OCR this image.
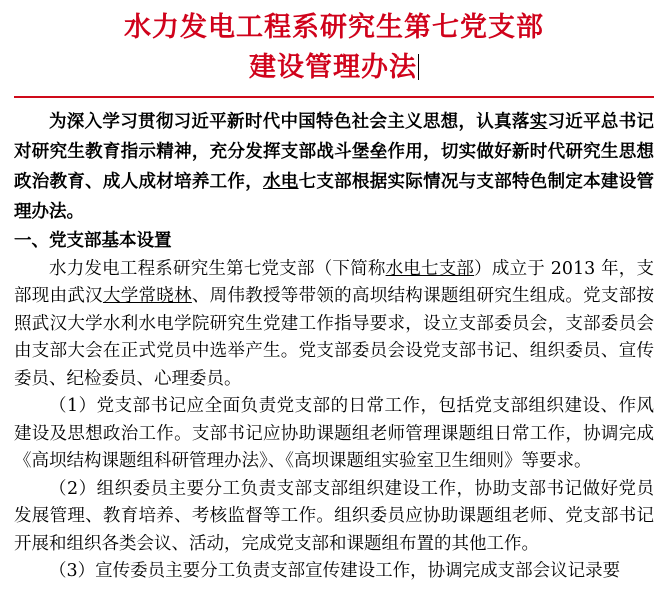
水力发电工程系研究生第七党支部
建设管理办法

为深入学习贯彻习近平新时代中国特色社会主义思想，认真落实习近平总书记对研究生教育指示精神，充分发挥支部战斗堡垒作用，切实做好新时代研究生思想政治教育、成人成材培养工作，水电七支部根据实际情况与支部特色制定本建设管理办法。

一、党支部基本设置

水力发电工程系研究生第七党支部（下简称水电七支部）成立于 2013 年，支部现由武汉大学常晓林、周伟教授等带领的高坝结构课题组研究生组成。党支部按照武汉大学水利水电学院研究生党建工作指导要求，设立支部委员会，支部委员会由支部大会在正式党员中选举产生。党支部委员会设党支部书记、组织委员、宣传委员、纪检委员、心理委员。

（1）党支部书记应全面负责党支部的日常工作，包括党支部组织建设、作风建设及思想政治工作。支部书记应协助课题组老师管理课题组日常工作，协调完成《高坝结构课题组科研管理办法》、《高坝课题组实验室卫生细则》等要求。

（2）组织委员主要分工负责支部支部组织建设工作，协助支部书记做好党员发展管理、教育培养、考核监督等工作。组织委员应协助课题组老师、党支部书记开展和组织各类会议、活动，完成党支部和课题组布置的其他工作。

（3）宣传委员主要分工负责支部宣传建设工作，协调完成支部会议记录要
